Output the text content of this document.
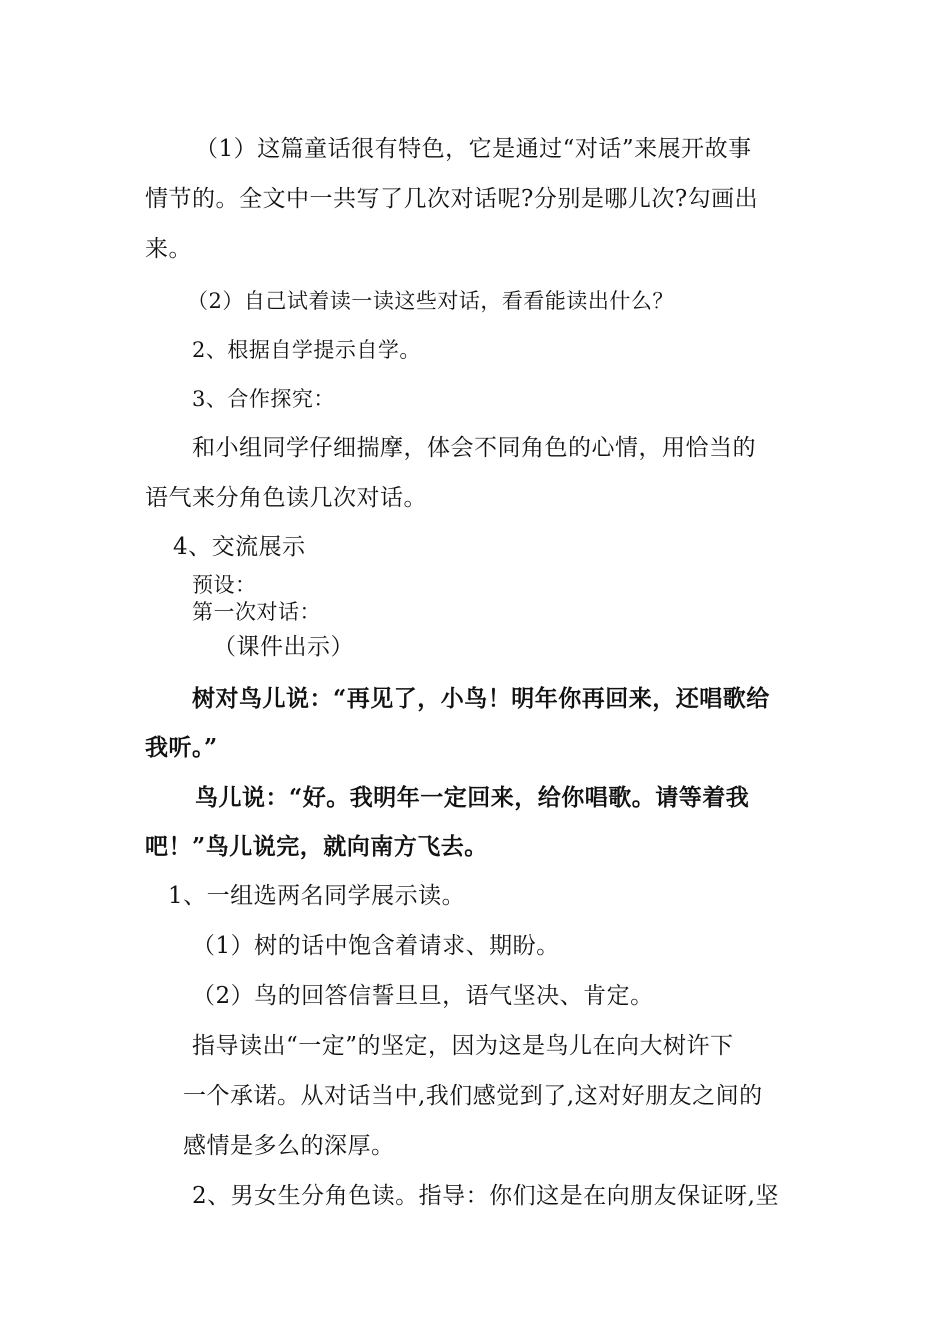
（1）这篇童话很有特色，它是通过“对话”来展开故事
情节的。全文中一共写了几次对话呢?分别是哪儿次?勾画出
来。
（2）自己试着读一读这些对话，看看能读出什么？
2、根据自学提示自学。
3、合作探究：
和小组同学仔细揣摩，体会不同角色的心情，用恰当的
语气来分角色读几次对话。
4、交流展示
预设：
第一次对话：
（课件出示）
树对鸟儿说：“再见了，小鸟！明年你再回来，还唱歌给
我听。”
鸟儿说：“好。我明年一定回来，给你唱歌。请等着我
吧！”鸟儿说完，就向南方飞去。
1、一组选两名同学展示读。
（1）树的话中饱含着请求、期盼。
（2）鸟的回答信誓旦旦，语气坚决、肯定。
指导读出“一定”的坚定，因为这是鸟儿在向大树许下
一个承诺。从对话当中,我们感觉到了,这对好朋友之间的
感情是多么的深厚。
2、男女生分角色读。指导：你们这是在向朋友保证呀,坚
